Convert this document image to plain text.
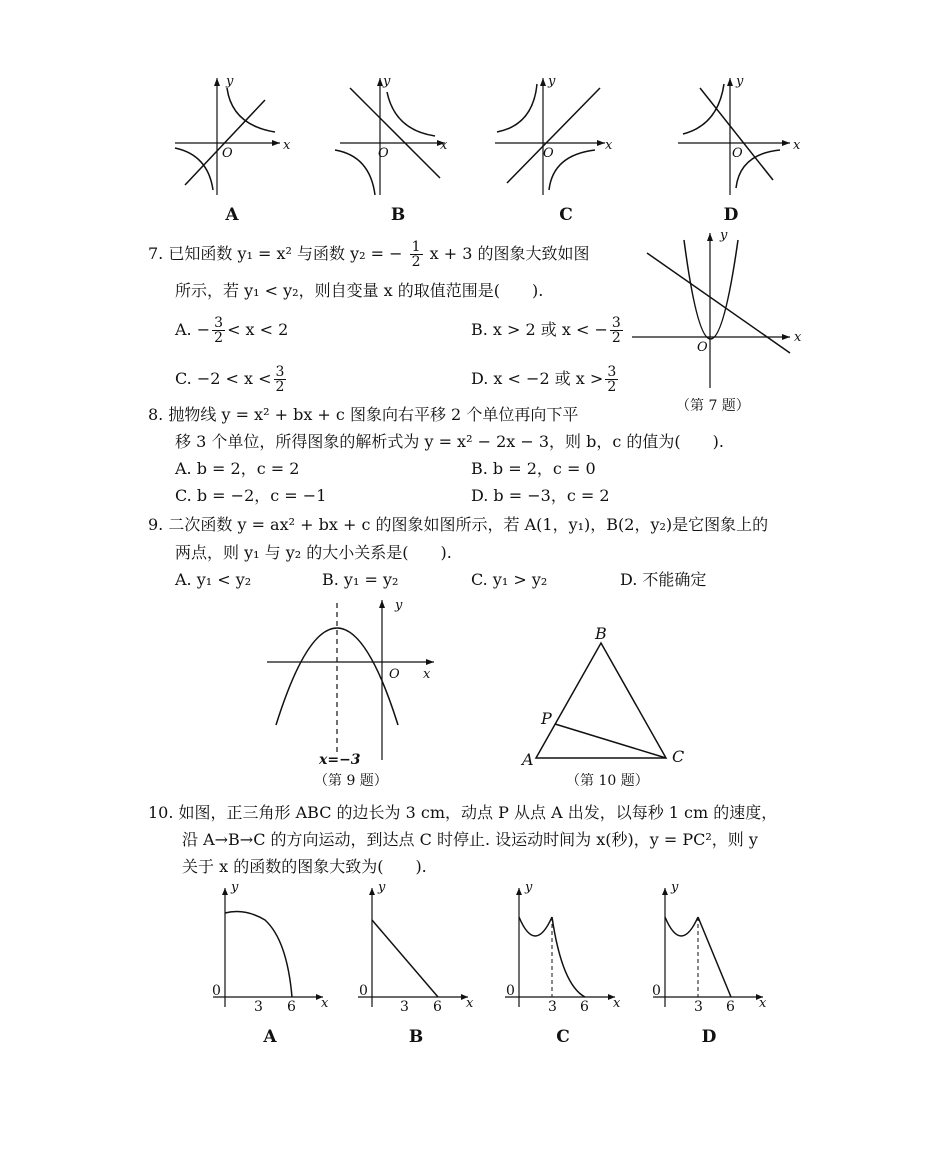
y
x
O
y
x
O
y
x
O
y
x
O
A	B	C	D
7. 已知函数 y₁ = x² 与函数 y₂ = − $\frac{1}{2}$ x + 3 的图象大致如图
所示，若 y₁ < y₂，则自变量 x 的取值范围是(　　).
A. − $\frac{3}{2} < x < 2$	B. x > 2 或 x < − $\frac{3}{2}$
C. $-2 < x < \frac{3}{2}$	D. x < −2 或 $x > \frac{3}{2}$
y
x
O
（第 7 题）
8. 抛物线 y = x² + bx + c 图象向右平移 2 个单位再向下平
移 3 个单位，所得图象的解析式为 y = x² − 2x − 3，则 b，c 的值为(　　).
A. b = 2，c = 2	B. b = 2，c = 0
C. b = −2，c = −1	D. b = −3，c = 2
9. 二次函数 y = ax² + bx + c 的图象如图所示，若 A(1，y₁)，B(2，y₂)是它图象上的
两点，则 y₁ 与 y₂ 的大小关系是(　　).
A. y₁ < y₂	B. y₁ = y₂	C. y₁ > y₂	D. 不能确定
y
x
O
x=−3
（第 9 题）
B
P
A	C
（第 10 题）
10. 如图，正三角形 ABC 的边长为 3 cm，动点 P 从点 A 出发，以每秒 1 cm 的速度，
沿 A→B→C 的方向运动，到达点 C 时停止. 设运动时间为 x(秒)，y = PC²，则 y
关于 x 的函数的图象大致为(　　).
y
0
3 6 x
y
0
3 6 x
y
0
3 6 x
y
0
3 6 x
A	B	C	D
